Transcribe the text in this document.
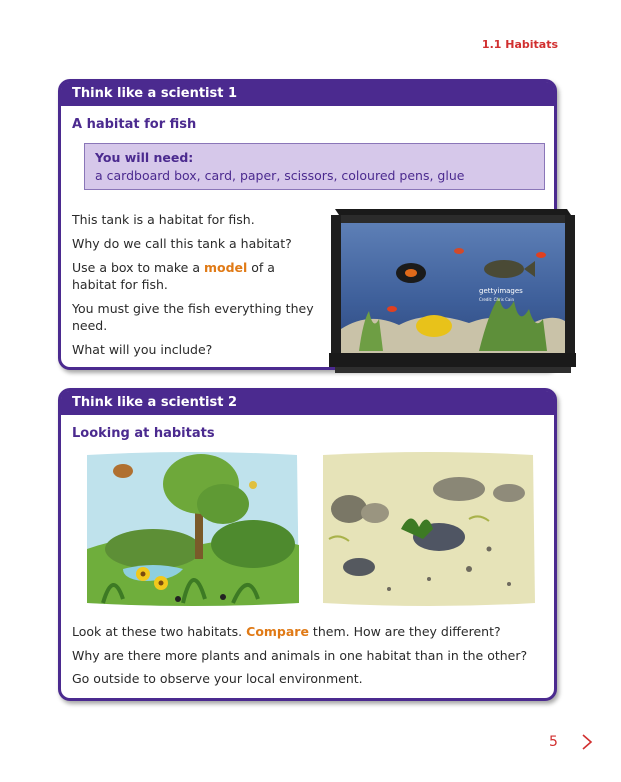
1.1 Habitats
Think like a scientist 1
A habitat for fish
You will need:
a cardboard box, card, paper, scissors, coloured pens, glue

This tank is a habitat for fish.

Why do we call this tank a habitat?

Use a box to make a model of a habitat for fish.

You must give the fish everything they need.

What will you include?

gettyimages
Credit: Chris Cain
Think like a scientist 2
Looking at habitats

Look at these two habitats. Compare them. How are they different?

Why are there more plants and animals in one habitat than in the other?

Go outside to observe your local environment.

5
